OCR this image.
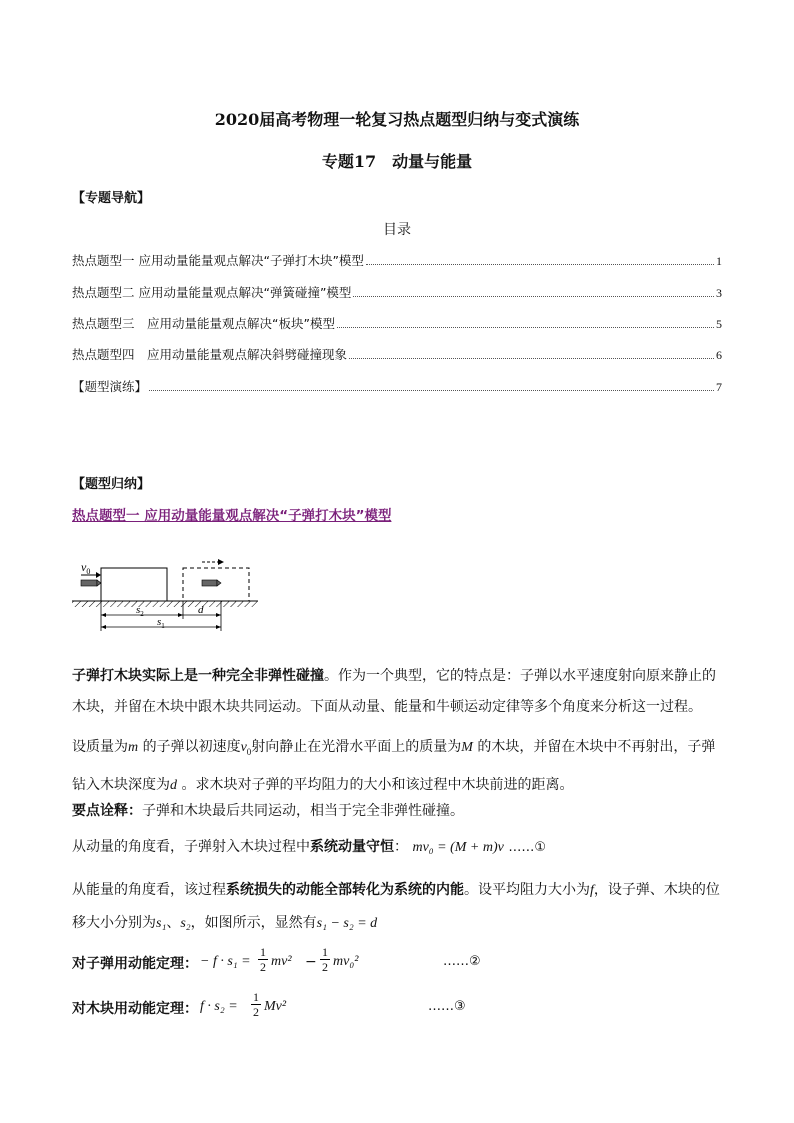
2020届高考物理一轮复习热点题型归纳与变式演练
专题17　动量与能量
【专题导航】
目录
热点题型一 应用动量能量观点解决“子弹打木块”模型	1
热点题型二 应用动量能量观点解决“弹簧碰撞”模型	3
热点题型三　应用动量能量观点解决“板块”模型	5
热点题型四　应用动量能量观点解决斜劈碰撞现象	6
【题型演练】	7
【题型归纳】
热点题型一 应用动量能量观点解决“子弹打木块”模型
$v_0$
$s_2$	d
$s_1$
子弹打木块实际上是一种完全非弹性碰撞。作为一个典型，它的特点是：子弹以水平速度射向原来静止的木块，并留在木块中跟木块共同运动。下面从动量、能量和牛顿运动定律等多个角度来分析这一过程。
设质量为m 的子弹以初速度$v_0$射向静止在光滑水平面上的质量为M 的木块，并留在木块中不再射出，子弹钻入木块深度为d 。求木块对子弹的平均阻力的大小和该过程中木块前进的距离。
要点诠释：子弹和木块最后共同运动，相当于完全非弹性碰撞。
从动量的角度看，子弹射入木块过程中系统动量守恒： mv₀ = (M + m)v ……①
从能量的角度看，该过程系统损失的动能全部转化为系统的内能。设平均阻力大小为f，设子弹、木块的位移大小分别为s₁、s₂，如图所示，显然有s₁ − s₂ = d
对子弹用动能定理： − f · s₁ =
1
2 mv² −
1
2 mv₀²	……②
对木块用动能定理： f · s₂ =
1
2 Mv²	……③
